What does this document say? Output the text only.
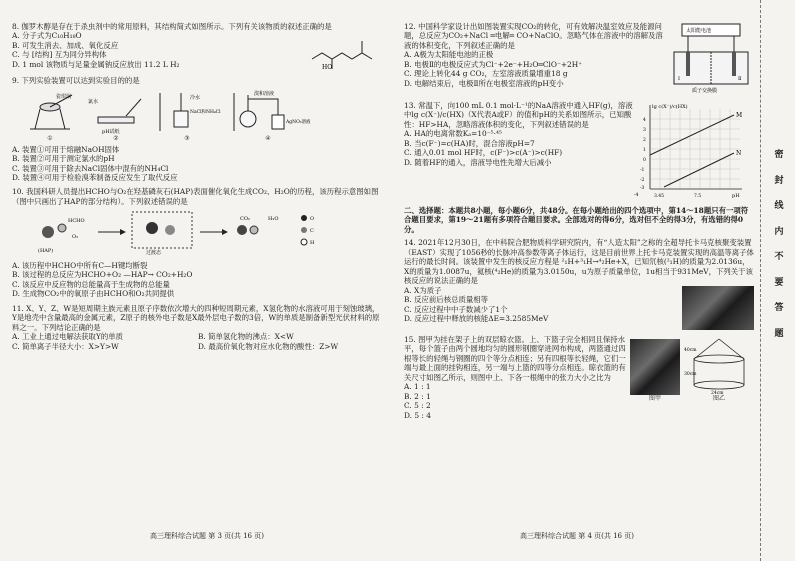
8. 伽罗木醇是存在于杀虫剂中的常用原料，其结构简式如图所示。下列有关该物质的叙述正确的是
A. 分子式为C₁₀H₁₈O
B. 可发生消去、加成、氧化反应
C. 与 [结构] 互为同分异构体
D. 1 mol 该物质与足量金属钠反应放出 11.2 L H₂	HO
9. 下列实验装置可以达到实验目的的是
瓷坩埚
①
氯水
pH试纸
②
冷水
NaCl和NH₄Cl
③
溴和溶液
AgNO₃溶液
④
A. 装置①可用于熔融NaOH固体
B. 装置②可用于测定氯水的pH
C. 装置③可用于除去NaCl固体中混有的NH₄Cl
D. 装置④可用于检验溴苯制备反应发生了取代反应
10. 我国科研人员提出HCHO与O₂在羟基磷灰石(HAP)表面催化氧化生成CO₂、H₂O的历程，该历程示意图如图（图中只画出了HAP的部分结构）。下列叙述错误的是
HCHO
O₂
(HAP)	过渡态
CO₂	H₂O	O
C
H
A. 该历程中HCHO中所有C—H键均断裂
B. 该过程的总反应为HCHO+O₂ —HAP→ CO₂+H₂O
C. 该反应中反应物的总能量高于生成物的总能量
D. 生成物CO₂中的氧原子由HCHO和O₂共同提供
11. X、Y、Z、W是短周期主族元素且原子序数依次增大的四种短周期元素，X氢化物的水溶液可用于刻蚀玻璃，Y是地壳中含量最高的金属元素，Z原子的核外电子数是X最外层电子数的3倍，W的单质是制备新型光伏材料的原料之一。下列结论正确的是
A. 工业上通过电解法获取Y的单质	B. 简单氢化物的沸点：X<W
C. 简单离子半径大小：X>Y>W	D. 最高价氧化物对应水化物的酸性：Z>W
高三理科综合试题 第 3 页(共 16 页)
12. 中国科学家设计出如图装置实现CO₂的转化，可有效解决温室效应及能源问题，总反应为CO₂+NaCl ═电解═ CO+NaClO。忽略气体在溶液中的溶解及溶液的体积变化，下列叙述正确的是
A. A极为太阳能电池的正极
B. 电极Ⅱ的电极反应式为Cl⁻+2e⁻+H₂O═ClO⁻+2H⁺
C. 理论上转化44 g CO₂，左室溶液质量增重18 g
D. 电解结束后，电极Ⅱ所在电极室溶液的pH变小
太阳能电池
Ⅰ	Ⅱ
质子交换膜
13. 常温下，向100 mL 0.1 mol·L⁻¹的NaA溶液中通入HF(g)，溶液中lg c(X⁻)/c(HX)（X代表A或F）的值和pH的关系如图所示，已知酸性：HF>HA，忽略溶液体积的变化，下列叙述错误的是
A. HA的电离常数Kₐ=10⁻⁵·⁴⁵
B. 当c(F⁻)=c(HA)时，混合溶液pH=7
C. 通入0.01 mol HF时，c(F⁻)>c(A⁻)>c(HF)
D. 随着HF的通入，溶液导电性先增大后减小
M
N
lg c(X⁻)/c(HX)
pH
3.45	7.5
4
3
2
1
0
-1
-2
-3
-4
二、选择题：本题共8小题，每小题6分，共48分。在每小题给出的四个选项中，第14～18题只有一项符合题目要求，第19～21题有多项符合题目要求。全部选对的得6分，选对但不全的得3分，有选错的得0分。
14. 2021年12月30日，在中科院合肥物质科学研究院内，有“人造太阳”之称的全超导托卡马克核聚变装置（EAST）实现了1056秒的长脉冲高参数等离子体运行，这是目前世界上托卡马克装置实现的高温等离子体运行的最长时间。该装置中发生的核反应方程是 ²₁H+³₁H→⁴₂He+X，已知氘核(²₁H)的质量为2.0136u，X的质量为1.0087u，氦核(⁴₂He)的质量为3.0150u，u为原子质量单位，1u相当于931MeV，下列关于该核反应的说法正确的是
A. X为质子
B. 反应前后核总质量相等
C. 反应过程中中子数减少了1个
D. 反应过程中释放的核能ΔE=3.2585MeV
15. 图甲为挂在架子上的双层晾衣篮。上、下篮子完全相同且保持水平，每个篮子由两个圆地均匀的圆形钢圈穿进网布构成，两篮通过四根等长的轻绳与钢圈的四个等分点相连；另有四根等长轻绳，它们一端与最上面的挂钩相连，另一端与上篮的四等分点相连。晾衣篮的有关尺寸如图乙所示，则图中上、下各一根绳中的张力大小之比为
A. 1 : 1
B. 2 : 1
C. 5 : 2
D. 5 : 4
图甲
40cm
30cm
24cm
图乙
高三理科综合试题 第 4 页(共 16 页)
密
封
线
内
不
要
答
题
